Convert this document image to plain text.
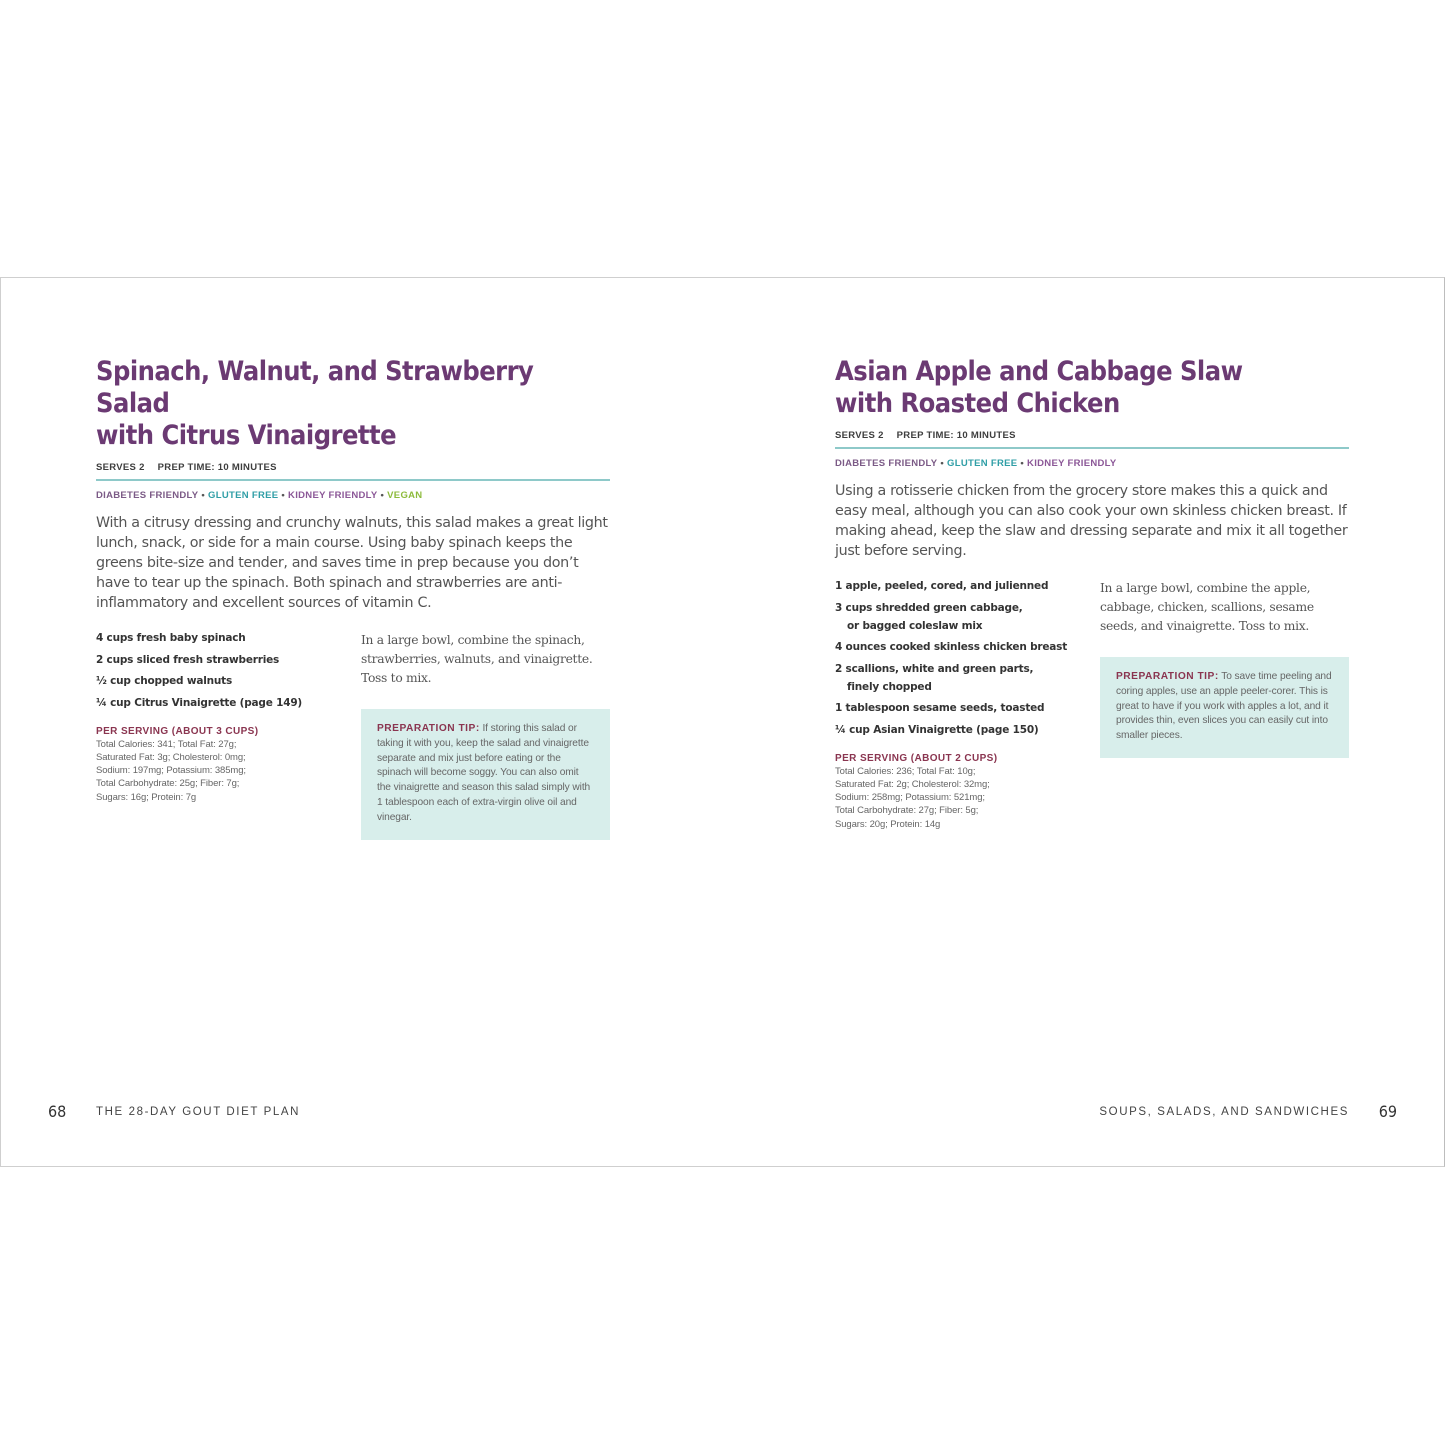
Spinach, Walnut, and Strawberry Salad
with Citrus Vinaigrette
SERVES 2 PREP TIME: 10 MINUTES
DIABETES FRIENDLY • GLUTEN FREE • KIDNEY FRIENDLY • VEGAN

With a citrusy dressing and crunchy walnuts, this salad makes a great light lunch, snack, or side for a main course. Using baby spinach keeps the greens bite-size and tender, and saves time in prep because you don’t have to tear up the spinach. Both spinach and strawberries are anti-inflammatory and excellent sources of vitamin C.

4 cups fresh baby spinach
2 cups sliced fresh strawberries
½ cup chopped walnuts
¼ cup Citrus Vinaigrette (page 149)
PER SERVING (ABOUT 3 CUPS)
Total Calories: 341; Total Fat: 27g;
Saturated Fat: 3g; Cholesterol: 0mg;
Sodium: 197mg; Potassium: 385mg;
Total Carbohydrate: 25g; Fiber: 7g;
Sugars: 16g; Protein: 7g

In a large bowl, combine the spinach, strawberries, walnuts, and vinaigrette. Toss to mix.

PREPARATION TIP: If storing this salad or taking it with you, keep the salad and vinaigrette separate and mix just before eating or the spinach will become soggy. You can also omit the vinaigrette and season this salad simply with 1 tablespoon each of extra-virgin olive oil and vinegar.
68	THE 28-DAY GOUT DIET PLAN
Asian Apple and Cabbage Slaw
with Roasted Chicken
SERVES 2 PREP TIME: 10 MINUTES
DIABETES FRIENDLY • GLUTEN FREE • KIDNEY FRIENDLY

Using a rotisserie chicken from the grocery store makes this a quick and easy meal, although you can also cook your own skinless chicken breast. If making ahead, keep the slaw and dressing separate and mix it all together just before serving.

1 apple, peeled, cored, and julienned
3 cups shredded green cabbage,
or bagged coleslaw mix
4 ounces cooked skinless chicken breast
2 scallions, white and green parts,
finely chopped
1 tablespoon sesame seeds, toasted
¼ cup Asian Vinaigrette (page 150)
PER SERVING (ABOUT 2 CUPS)
Total Calories: 236; Total Fat: 10g;
Saturated Fat: 2g; Cholesterol: 32mg;
Sodium: 258mg; Potassium: 521mg;
Total Carbohydrate: 27g; Fiber: 5g;
Sugars: 20g; Protein: 14g

In a large bowl, combine the apple, cabbage, chicken, scallions, sesame seeds, and vinaigrette. Toss to mix.

PREPARATION TIP: To save time peeling and coring apples, use an apple peeler-corer. This is great to have if you work with apples a lot, and it provides thin, even slices you can easily cut into smaller pieces.
SOUPS, SALADS, AND SANDWICHES 69
